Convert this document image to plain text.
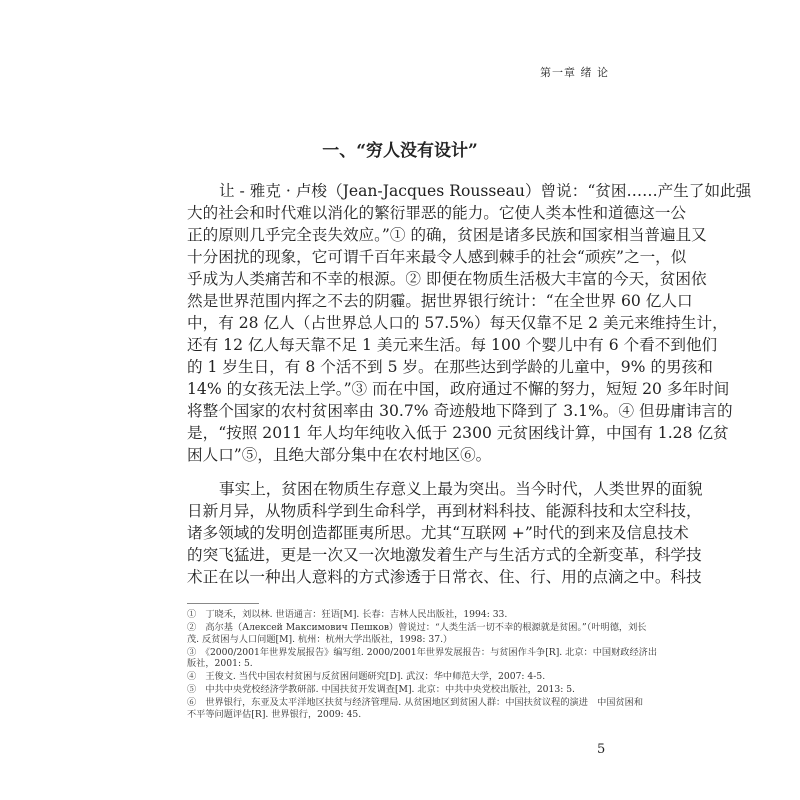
第一章 绪 论
一、“穷人没有设计”
让 - 雅克 · 卢梭（Jean-Jacques Rousseau）曾说：“贫困……产生了如此强
大的社会和时代难以消化的繁衍罪恶的能力。它使人类本性和道德这一公
正的原则几乎完全丧失效应。”① 的确，贫困是诸多民族和国家相当普遍且又
十分困扰的现象，它可谓千百年来最令人感到棘手的社会“顽疾”之一，似
乎成为人类痛苦和不幸的根源。② 即便在物质生活极大丰富的今天，贫困依
然是世界范围内挥之不去的阴霾。据世界银行统计：“在全世界 60 亿人口
中，有 28 亿人（占世界总人口的 57.5%）每天仅靠不足 2 美元来维持生计，
还有 12 亿人每天靠不足 1 美元来生活。每 100 个婴儿中有 6 个看不到他们
的 1 岁生日，有 8 个活不到 5 岁。在那些达到学龄的儿童中，9% 的男孩和
14% 的女孩无法上学。”③ 而在中国，政府通过不懈的努力，短短 20 多年时间
将整个国家的农村贫困率由 30.7% 奇迹般地下降到了 3.1%。④ 但毋庸讳言的
是，“按照 2011 年人均年纯收入低于 2300 元贫困线计算，中国有 1.28 亿贫
困人口”⑤，且绝大部分集中在农村地区⑥。
事实上，贫困在物质生存意义上最为突出。当今时代，人类世界的面貌
日新月异，从物质科学到生命科学，再到材料科技、能源科技和太空科技，
诸多领域的发明创造都匪夷所思。尤其“互联网 +”时代的到来及信息技术
的突飞猛进，更是一次又一次地激发着生产与生活方式的全新变革，科学技
术正在以一种出人意料的方式渗透于日常衣、住、行、用的点滴之中。科技
①　丁晓禾，刘以林. 世语通言：狂语[M]. 长春：吉林人民出版社，1994: 33.
②　高尔基（Алексей Максимович Пешков）曾说过：“人类生活一切不幸的根源就是贫困。”（叶明德，刘长
茂. 反贫困与人口问题[M]. 杭州：杭州大学出版社，1998: 37.）
③　《2000/2001年世界发展报告》编写组. 2000/2001年世界发展报告：与贫困作斗争[R]. 北京：中国财政经济出
版社，2001: 5.
④　王俊文. 当代中国农村贫困与反贫困问题研究[D]. 武汉：华中师范大学，2007: 4-5.
⑤　中共中央党校经济学教研部. 中国扶贫开发调查[M]. 北京：中共中央党校出版社，2013: 5.
⑥　世界银行，东亚及太平洋地区扶贫与经济管理局. 从贫困地区到贫困人群：中国扶贫议程的演进　中国贫困和
不平等问题评估[R]. 世界银行，2009: 45.
5
